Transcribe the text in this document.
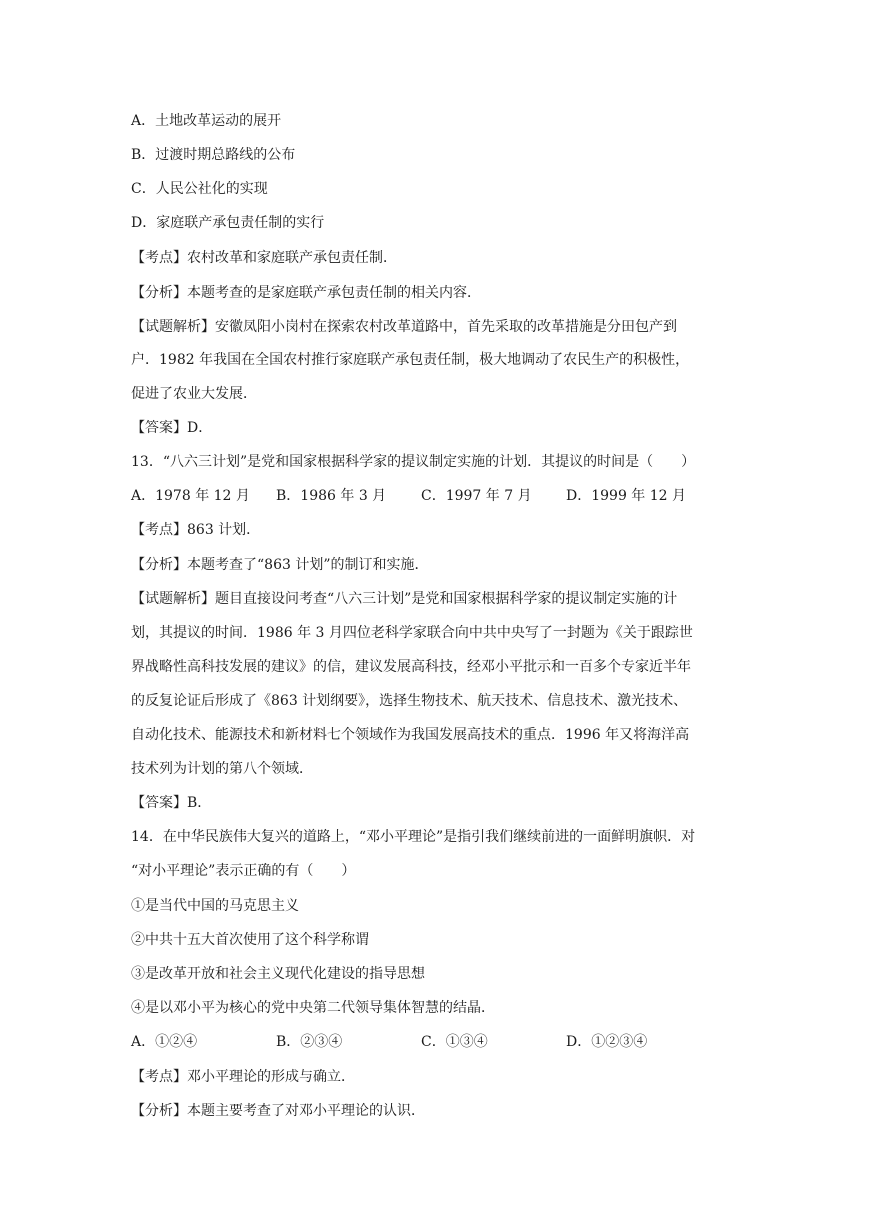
A．土地改革运动的展开
B．过渡时期总路线的公布
C．人民公社化的实现
D．家庭联产承包责任制的实行
【考点】农村改革和家庭联产承包责任制．
【分析】本题考查的是家庭联产承包责任制的相关内容．
【试题解析】安徽凤阳小岗村在探索农村改革道路中，首先采取的改革措施是分田包产到
户．1982 年我国在全国农村推行家庭联产承包责任制，极大地调动了农民生产的积极性，
促进了农业大发展．
【答案】D．
13．“八六三计划”是党和国家根据科学家的提议制定实施的计划．其提议的时间是（　　）
A．1978 年 12 月 B．1986 年 3 月 C．1997 年 7 月 D．1999 年 12 月
【考点】863 计划．
【分析】本题考查了“863 计划”的制订和实施．
【试题解析】题目直接设问考查“八六三计划”是党和国家根据科学家的提议制定实施的计
划，其提议的时间．1986 年 3 月四位老科学家联合向中共中央写了一封题为《关于跟踪世
界战略性高科技发展的建议》的信，建议发展高科技，经邓小平批示和一百多个专家近半年
的反复论证后形成了《863 计划纲要》，选择生物技术、航天技术、信息技术、激光技术、
自动化技术、能源技术和新材料七个领域作为我国发展高技术的重点．1996 年又将海洋高
技术列为计划的第八个领域．
【答案】B．
14．在中华民族伟大复兴的道路上，“邓小平理论”是指引我们继续前进的一面鲜明旗帜．对
“对小平理论”表示正确的有（　　）
①是当代中国的马克思主义
②中共十五大首次使用了这个科学称谓
③是改革开放和社会主义现代化建设的指导思想
④是以邓小平为核心的党中央第二代领导集体智慧的结晶．
A．①②④	B．②③④	C．①③④	D．①②③④
【考点】邓小平理论的形成与确立．
【分析】本题主要考查了对邓小平理论的认识．
